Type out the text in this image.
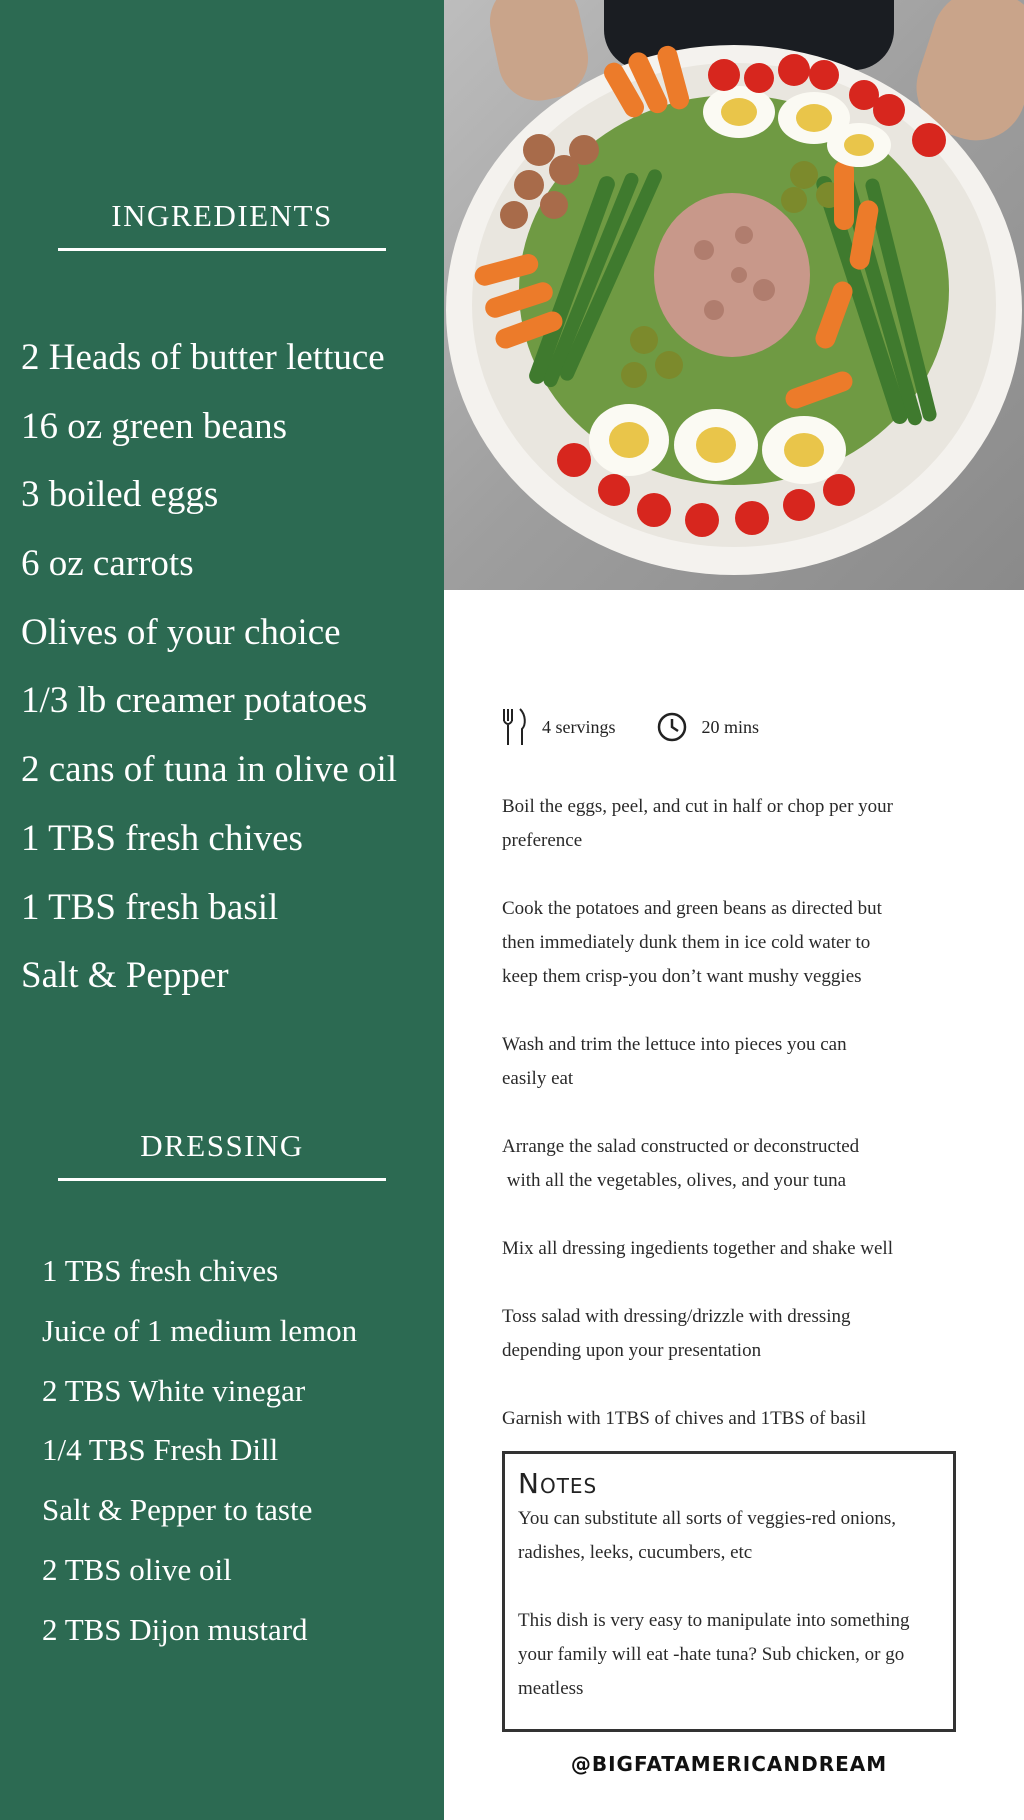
INGREDIENTS
2 Heads of butter lettuce
16 oz green beans
3 boiled eggs
6 oz carrots
Olives of your choice
1/3 lb creamer potatoes
2 cans of tuna in olive oil
1 TBS fresh chives
1 TBS fresh basil
Salt & Pepper
DRESSING
1 TBS fresh chives
Juice of 1 medium lemon
2 TBS White vinegar
1/4 TBS Fresh Dill
Salt & Pepper to taste
2 TBS olive oil
2 TBS Dijon mustard
4 servings	20 mins
Boil the eggs, peel, and cut in half or chop per your
preference
Cook the potatoes and green beans as directed but
then immediately dunk them in ice cold water to
keep them crisp-you don’t want mushy veggies
Wash and trim the lettuce into pieces you can
easily eat
Arrange the salad constructed or deconstructed
with all the vegetables, olives, and your tuna
Mix all dressing ingedients together and shake well
Toss salad with dressing/drizzle with dressing
depending upon your presentation
Garnish with 1TBS of chives and 1TBS of basil
Notes
You can substitute all sorts of veggies-red onions,
radishes, leeks, cucumbers, etc
This dish is very easy to manipulate into something
your family will eat -hate tuna? Sub chicken, or go
meatless
@BIGFATAMERICANDREAM
